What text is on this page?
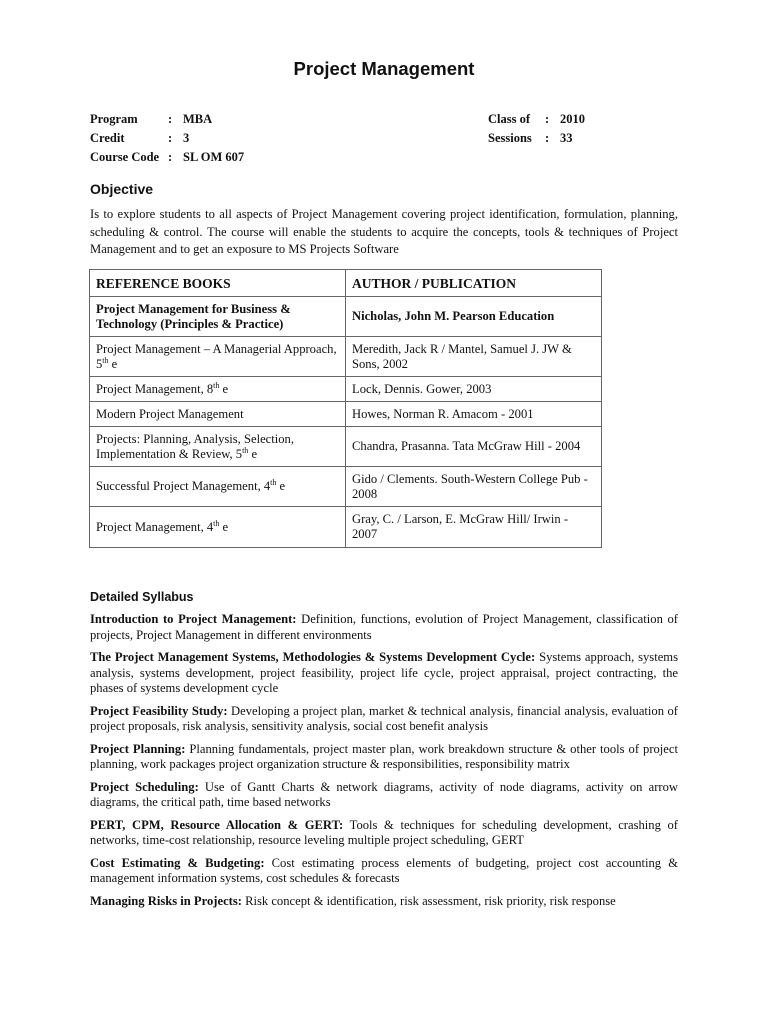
Project Management
Program : MBA
Credit	: 3
Course Code : SL OM 607
Class of : 2010
Sessions : 33
Objective
Is to explore students to all aspects of Project Management covering project identification, formulation, planning, scheduling & control. The course will enable the students to acquire the concepts, tools & techniques of Project Management and to get an exposure to MS Projects Software
REFERENCE BOOKS	AUTHOR / PUBLICATION
Project Management for Business & Technology (Principles & Practice)	Nicholas, John M. Pearson Education
Project Management – A Managerial Approach, 5th e	Meredith, Jack R / Mantel, Samuel J. JW & Sons, 2002
Project Management, 8th e	Lock, Dennis. Gower, 2003
Modern Project Management	Howes, Norman R. Amacom - 2001
Projects: Planning, Analysis, Selection, Implementation & Review, 5th e	Chandra, Prasanna. Tata McGraw Hill - 2004
Successful Project Management, 4th e	Gido / Clements. South-Western College Pub - 2008
Project Management, 4th e	Gray, C. / Larson, E. McGraw Hill/ Irwin - 2007
Detailed Syllabus

Introduction to Project Management: Definition, functions, evolution of Project Management, classification of projects, Project Management in different environments

The Project Management Systems, Methodologies & Systems Development Cycle: Systems approach, systems analysis, systems development, project feasibility, project life cycle, project appraisal, project contracting, the phases of systems development cycle

Project Feasibility Study: Developing a project plan, market & technical analysis, financial analysis, evaluation of project proposals, risk analysis, sensitivity analysis, social cost benefit analysis

Project Planning: Planning fundamentals, project master plan, work breakdown structure & other tools of project planning, work packages project organization structure & responsibilities, responsibility matrix

Project Scheduling: Use of Gantt Charts & network diagrams, activity of node diagrams, activity on arrow diagrams, the critical path, time based networks

PERT, CPM, Resource Allocation & GERT: Tools & techniques for scheduling development, crashing of networks, time-cost relationship, resource leveling multiple project scheduling, GERT

Cost Estimating & Budgeting: Cost estimating process elements of budgeting, project cost accounting & management information systems, cost schedules & forecasts

Managing Risks in Projects: Risk concept & identification, risk assessment, risk priority, risk response
